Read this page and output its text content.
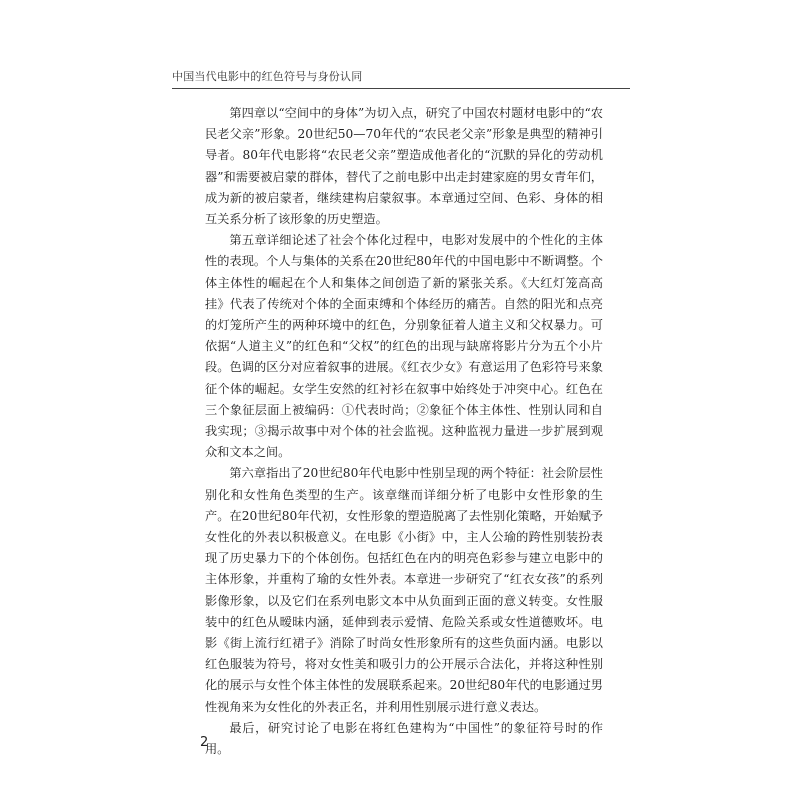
中国当代电影中的红色符号与身份认同

第四章以“空间中的身体”为切入点，研究了中国农村题材电影中的“农民老父亲”形象。20世纪50—70年代的“农民老父亲”形象是典型的精神引导者。80年代电影将“农民老父亲”塑造成他者化的“沉默的异化的劳动机器”和需要被启蒙的群体，替代了之前电影中出走封建家庭的男女青年们，成为新的被启蒙者，继续建构启蒙叙事。本章通过空间、色彩、身体的相互关系分析了该形象的历史塑造。

第五章详细论述了社会个体化过程中，电影对发展中的个性化的主体性的表现。个人与集体的关系在20世纪80年代的中国电影中不断调整。个体主体性的崛起在个人和集体之间创造了新的紧张关系。《大红灯笼高高挂》代表了传统对个体的全面束缚和个体经历的痛苦。自然的阳光和点亮的灯笼所产生的两种环境中的红色，分别象征着人道主义和父权暴力。可依据“人道主义”的红色和“父权”的红色的出现与缺席将影片分为五个小片段。色调的区分对应着叙事的进展。《红衣少女》有意运用了色彩符号来象征个体的崛起。女学生安然的红衬衫在叙事中始终处于冲突中心。红色在三个象征层面上被编码：①代表时尚；②象征个体主体性、性别认同和自我实现；③揭示故事中对个体的社会监视。这种监视力量进一步扩展到观众和文本之间。

第六章指出了20世纪80年代电影中性别呈现的两个特征：社会阶层性别化和女性角色类型的生产。该章继而详细分析了电影中女性形象的生产。在20世纪80年代初，女性形象的塑造脱离了去性别化策略，开始赋予女性化的外表以积极意义。在电影《小街》中，主人公瑜的跨性别装扮表现了历史暴力下的个体创伤。包括红色在内的明亮色彩参与建立电影中的主体形象，并重构了瑜的女性外表。本章进一步研究了“红衣女孩”的系列影像形象，以及它们在系列电影文本中从负面到正面的意义转变。女性服装中的红色从暧昧内涵，延伸到表示爱情、危险关系或女性道德败坏。电影《街上流行红裙子》消除了时尚女性形象所有的这些负面内涵。电影以红色服装为符号，将对女性美和吸引力的公开展示合法化，并将这种性别化的展示与女性个体主体性的发展联系起来。20世纪80年代的电影通过男性视角来为女性化的外表正名，并利用性别展示进行意义表达。

最后，研究讨论了电影在将红色建构为“中国性”的象征符号时的作用。

2
